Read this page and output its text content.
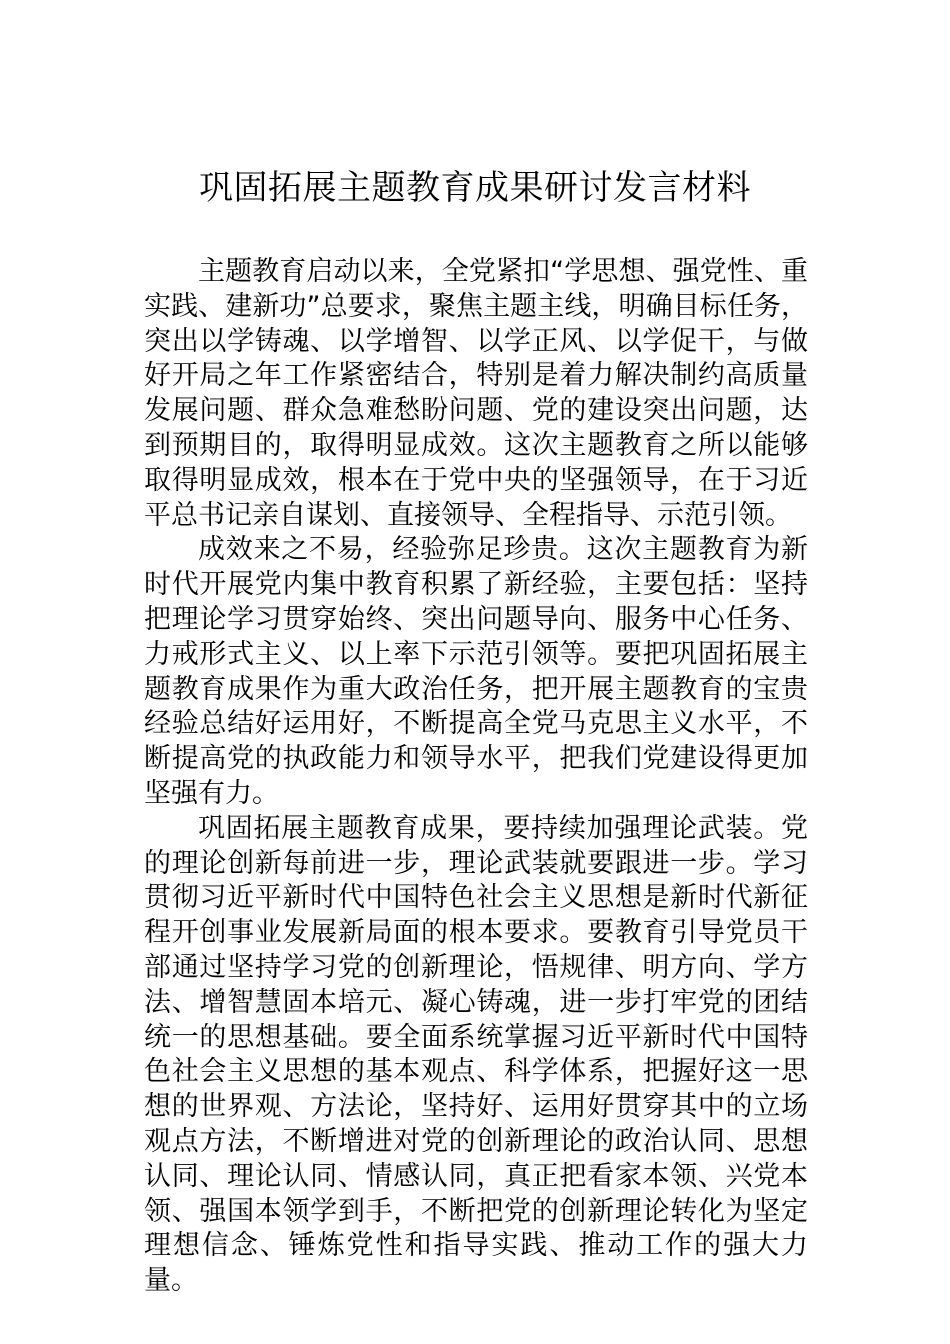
巩固拓展主题教育成果研讨发言材料

主题教育启动以来，全党紧扣“学思想、强党性、重实践、建新功”总要求，聚焦主题主线，明确目标任务，突出以学铸魂、以学增智、以学正风、以学促干，与做好开局之年工作紧密结合，特别是着力解决制约高质量发展问题、群众急难愁盼问题、党的建设突出问题，达到预期目的，取得明显成效。这次主题教育之所以能够取得明显成效，根本在于党中央的坚强领导，在于习近平总书记亲自谋划、直接领导、全程指导、示范引领。

成效来之不易，经验弥足珍贵。这次主题教育为新时代开展党内集中教育积累了新经验，主要包括：坚持把理论学习贯穿始终、突出问题导向、服务中心任务、力戒形式主义、以上率下示范引领等。要把巩固拓展主题教育成果作为重大政治任务，把开展主题教育的宝贵经验总结好运用好，不断提高全党马克思主义水平，不断提高党的执政能力和领导水平，把我们党建设得更加坚强有力。

巩固拓展主题教育成果，要持续加强理论武装。党的理论创新每前进一步，理论武装就要跟进一步。学习贯彻习近平新时代中国特色社会主义思想是新时代新征程开创事业发展新局面的根本要求。要教育引导党员干部通过坚持学习党的创新理论，悟规律、明方向、学方法、增智慧固本培元、凝心铸魂，进一步打牢党的团结统一的思想基础。要全面系统掌握习近平新时代中国特色社会主义思想的基本观点、科学体系，把握好这一思想的世界观、方法论，坚持好、运用好贯穿其中的立场观点方法，不断增进对党的创新理论的政治认同、思想认同、理论认同、情感认同，真正把看家本领、兴党本领、强国本领学到手，不断把党的创新理论转化为坚定理想信念、锤炼党性和指导实践、推动工作的强大力量。
